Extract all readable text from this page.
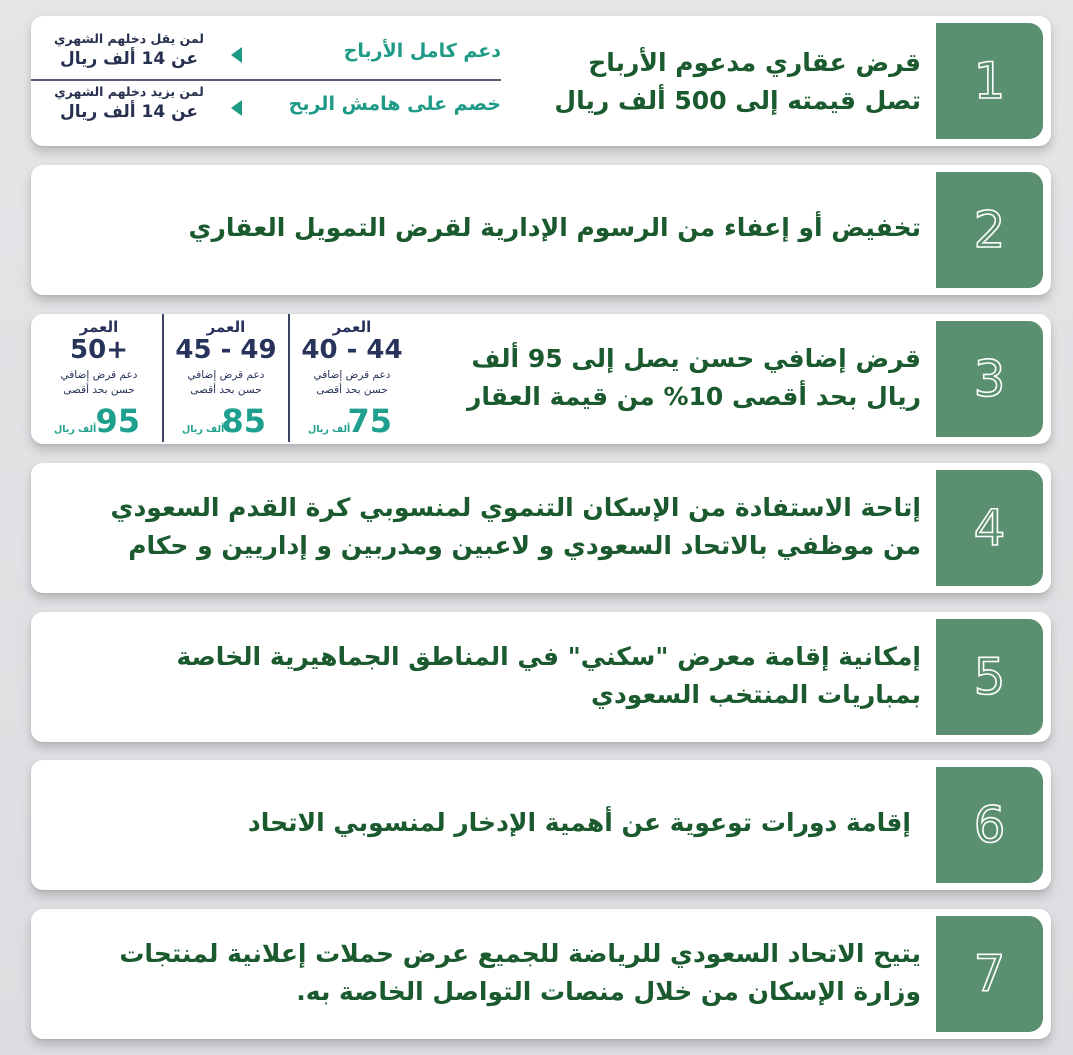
1
قرض عقاري مدعوم الأرباح
تصل قيمته إلى 500 ألف ريال
دعم كامل الأرباح
لمن يقل دخلهم الشهري
عن 14 ألف ريال
خصم على هامش الربح
لمن يزيد دخلهم الشهري
عن 14 ألف ريال
2
تخفيض أو إعفاء من الرسوم الإدارية لقرض التمويل العقاري
3
قرض إضافي حسن يصل إلى 95 ألف
ريال بحد أقصى 10% من قيمة العقار
العمر
40 - 44
دعم قرض إضافي
حسن بحد أقصى
75
ألف ريال
العمر
45 - 49
دعم قرض إضافي
حسن بحد أقصى
85
ألف ريال
العمر
50+
دعم قرض إضافي
حسن بحد أقصى
95
ألف ريال
4
إتاحة الاستفادة من الإسكان التنموي لمنسوبي كرة القدم السعودي
من موظفي بالاتحاد السعودي و لاعبين ومدربين و إداريين و حكام
5
إمكانية إقامة معرض "سكني" في المناطق الجماهيرية الخاصة
بمباريات المنتخب السعودي
6
إقامة دورات توعوية عن أهمية الإدخار لمنسوبي الاتحاد
7
يتيح الاتحاد السعودي للرياضة للجميع عرض حملات إعلانية لمنتجات
وزارة الإسكان من خلال منصات التواصل الخاصة به.
